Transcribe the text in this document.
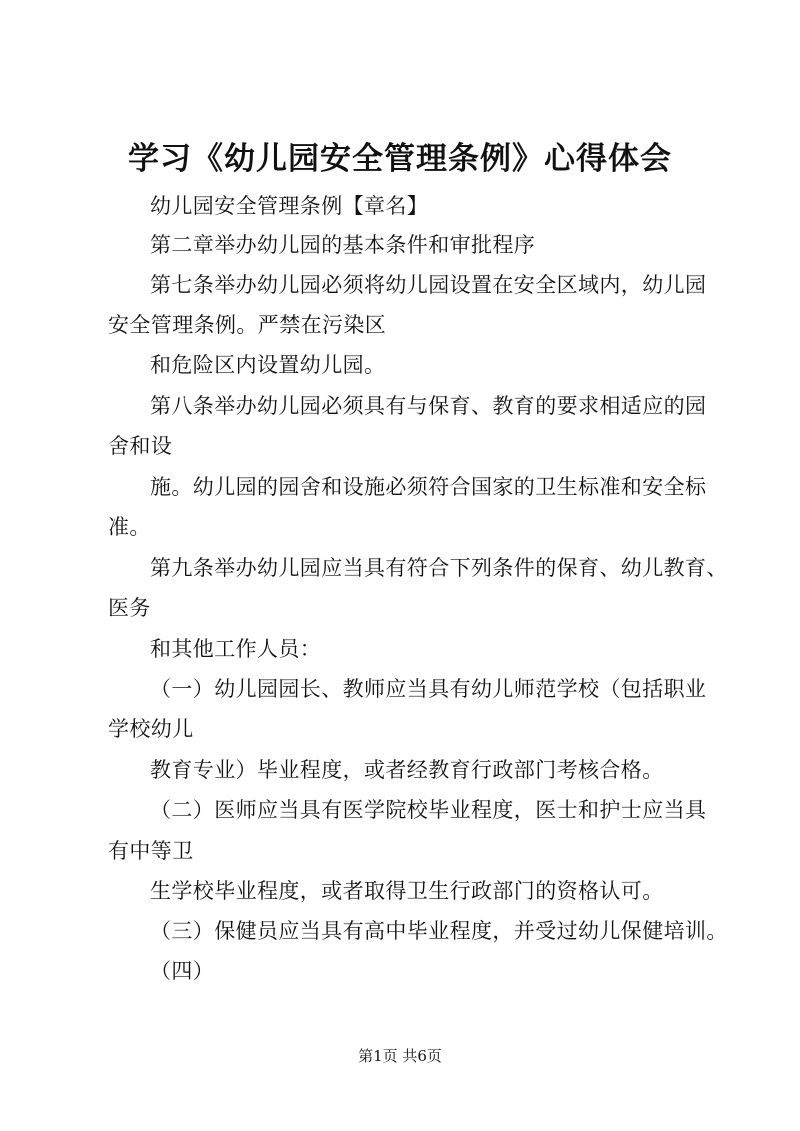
学习《幼儿园安全管理条例》心得体会
幼儿园安全管理条例【章名】
第二章举办幼儿园的基本条件和审批程序
第七条举办幼儿园必须将幼儿园设置在安全区域内，幼儿园
安全管理条例。严禁在污染区
和危险区内设置幼儿园。
第八条举办幼儿园必须具有与保育、教育的要求相适应的园
舍和设
施。幼儿园的园舍和设施必须符合国家的卫生标准和安全标
准。
第九条举办幼儿园应当具有符合下列条件的保育、幼儿教育、
医务
和其他工作人员：
（一）幼儿园园长、教师应当具有幼儿师范学校（包括职业
学校幼儿
教育专业）毕业程度，或者经教育行政部门考核合格。
（二）医师应当具有医学院校毕业程度，医士和护士应当具
有中等卫
生学校毕业程度，或者取得卫生行政部门的资格认可。
（三）保健员应当具有高中毕业程度，并受过幼儿保健培训。
（四）
第1页 共6页
